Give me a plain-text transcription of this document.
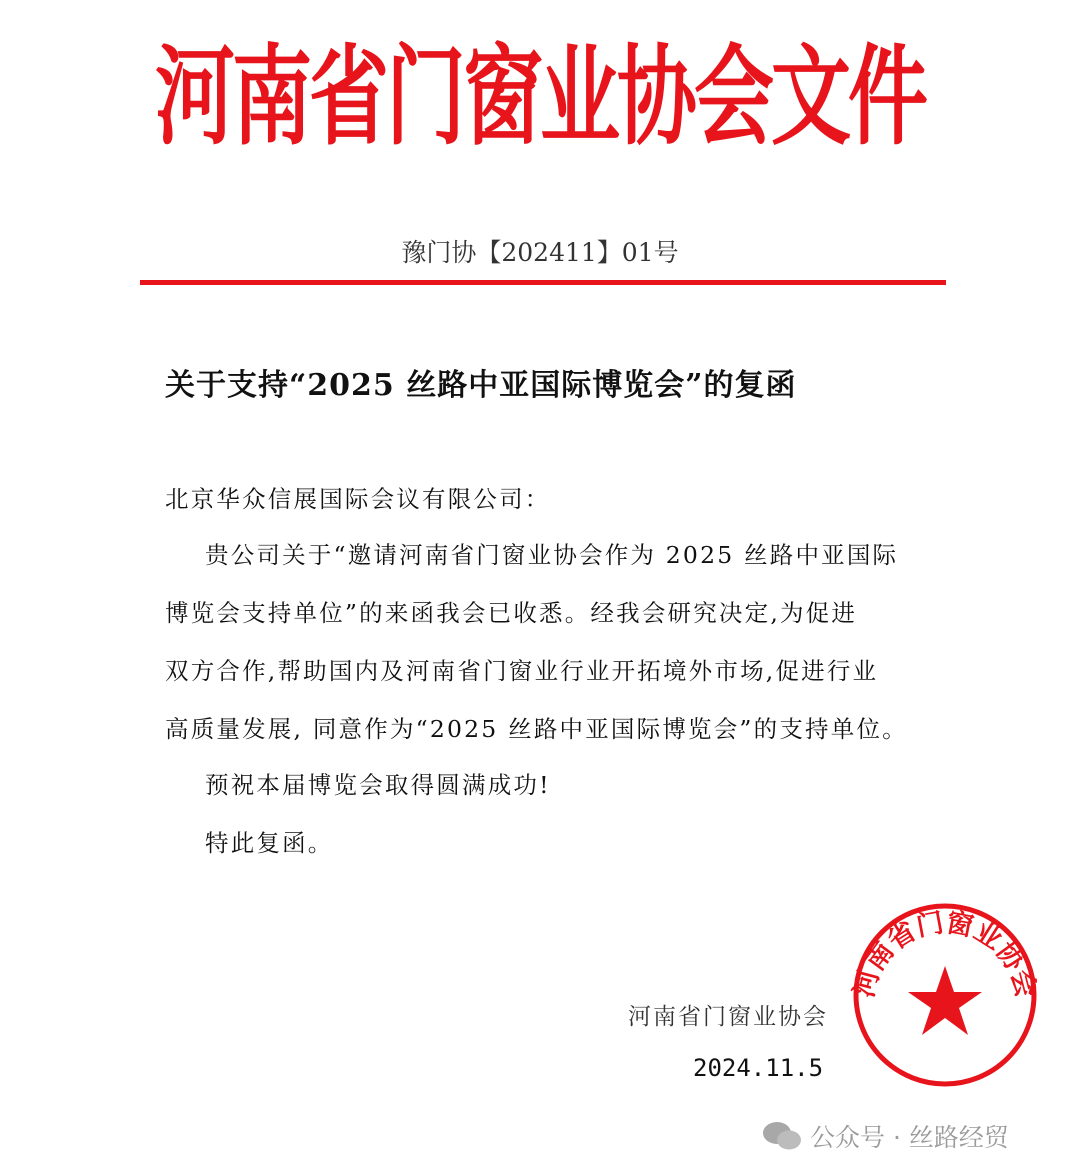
河南省门窗业协会文件
豫门协【202411】01号
关于支持“2025 丝路中亚国际博览会”的复函
北京华众信展国际会议有限公司：
贵公司关于“邀请河南省门窗业协会作为 2025 丝路中亚国际
博览会支持单位”的来函我会已收悉。经我会研究决定,为促进
双方合作,帮助国内及河南省门窗业行业开拓境外市场,促进行业
高质量发展, 同意作为“2025 丝路中亚国际博览会”的支持单位。
预祝本届博览会取得圆满成功!
特此复函。
河南省门窗业协会
2024.11.5
河南省门窗业协会
公众号 · 丝路经贸
